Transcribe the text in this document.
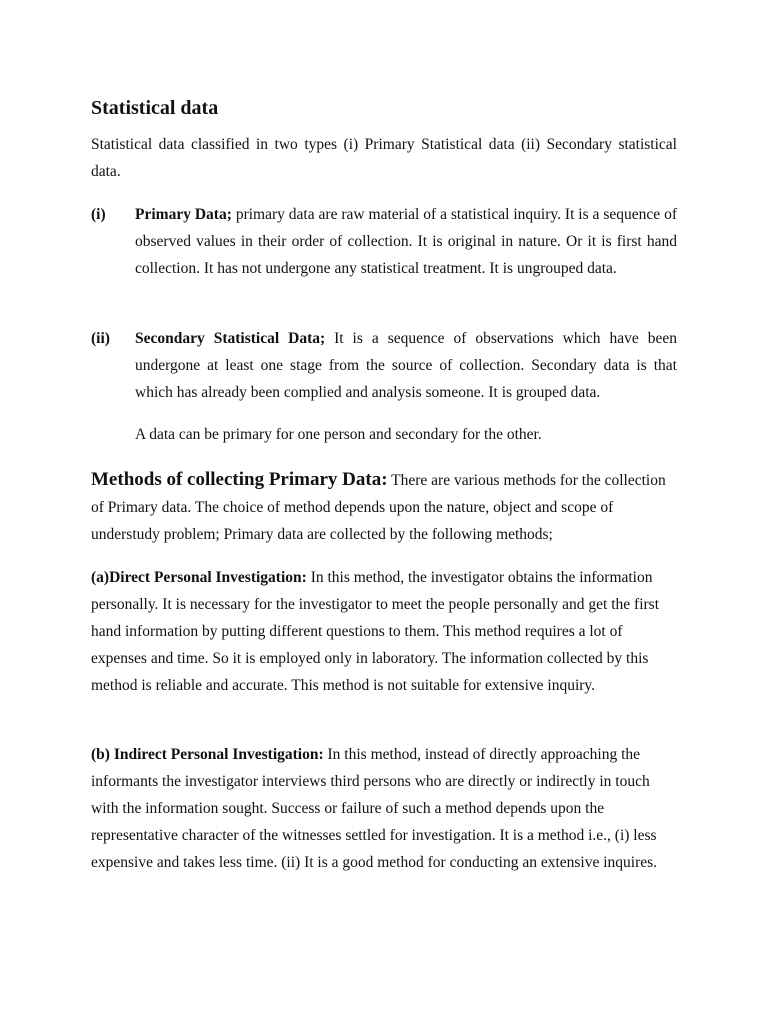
Statistical data

Statistical data classified in two types (i) Primary Statistical data (ii) Secondary statistical data.

(i) Primary Data; primary data are raw material of a statistical inquiry. It is a sequence of observed values in their order of collection. It is original in nature. Or it is first hand collection. It has not undergone any statistical treatment. It is ungrouped data.
(ii) Secondary Statistical Data; It is a sequence of observations which have been undergone at least one stage from the source of collection. Secondary data is that which has already been complied and analysis someone. It is grouped data.

A data can be primary for one person and secondary for the other.

Methods of collecting Primary Data: There are various methods for the collection of Primary data. The choice of method depends upon the nature, object and scope of understudy problem; Primary data are collected by the following methods;

(a)Direct Personal Investigation: In this method, the investigator obtains the information personally. It is necessary for the investigator to meet the people personally and get the first hand information by putting different questions to them. This method requires a lot of expenses and time. So it is employed only in laboratory. The information collected by this method is reliable and accurate. This method is not suitable for extensive inquiry.

(b) Indirect Personal Investigation: In this method, instead of directly approaching the informants the investigator interviews third persons who are directly or indirectly in touch with the information sought. Success or failure of such a method depends upon the representative character of the witnesses settled for investigation. It is a method i.e., (i) less expensive and takes less time. (ii) It is a good method for conducting an extensive inquires.
